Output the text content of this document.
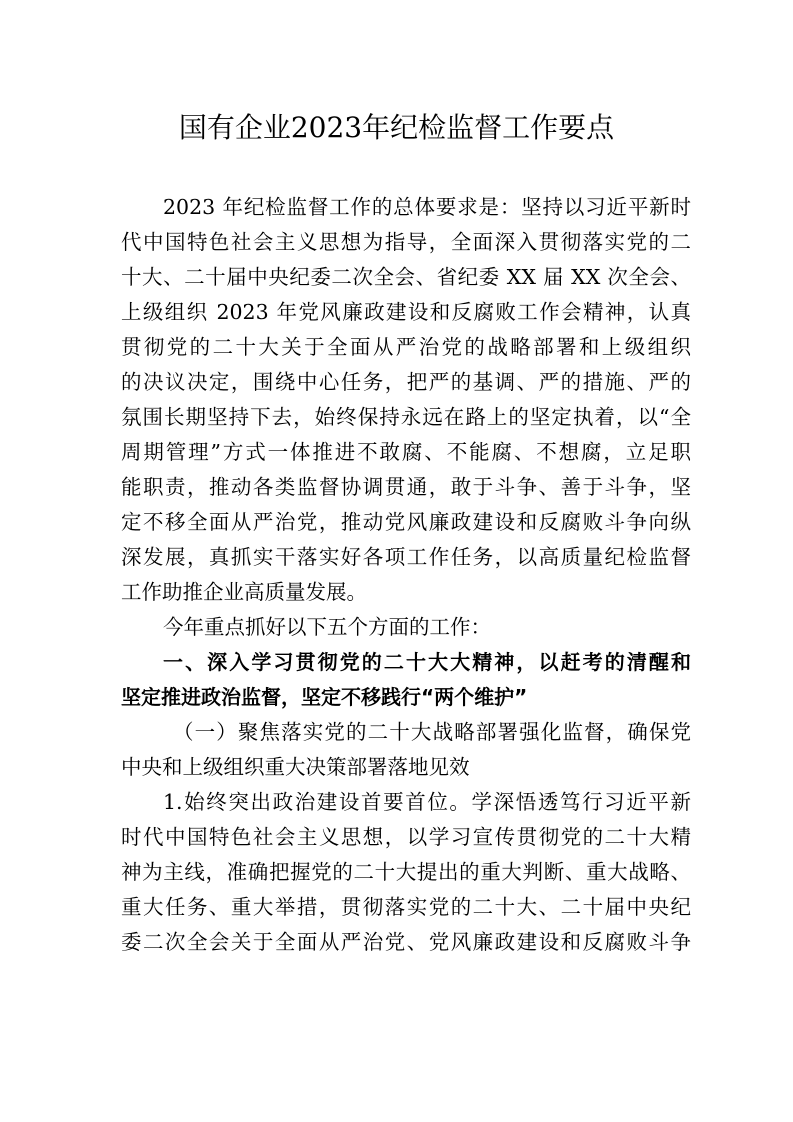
国有企业2023年纪检监督工作要点
2023 年纪检监督工作的总体要求是：坚持以习近平新时
代中国特色社会主义思想为指导，全面深入贯彻落实党的二
十大、二十届中央纪委二次全会、省纪委 XX 届 XX 次全会、
上级组织 2023 年党风廉政建设和反腐败工作会精神，认真
贯彻党的二十大关于全面从严治党的战略部署和上级组织
的决议决定，围绕中心任务，把严的基调、严的措施、严的
氛围长期坚持下去，始终保持永远在路上的坚定执着，以“全
周期管理”方式一体推进不敢腐、不能腐、不想腐，立足职
能职责，推动各类监督协调贯通，敢于斗争、善于斗争，坚
定不移全面从严治党，推动党风廉政建设和反腐败斗争向纵
深发展，真抓实干落实好各项工作任务，以高质量纪检监督
工作助推企业高质量发展。
今年重点抓好以下五个方面的工作：
一、深入学习贯彻党的二十大大精神，以赶考的清醒和
坚定推进政治监督，坚定不移践行“两个维护”
（一）聚焦落实党的二十大战略部署强化监督，确保党
中央和上级组织重大决策部署落地见效
1.始终突出政治建设首要首位。学深悟透笃行习近平新
时代中国特色社会主义思想，以学习宣传贯彻党的二十大精
神为主线，准确把握党的二十大提出的重大判断、重大战略、
重大任务、重大举措，贯彻落实党的二十大、二十届中央纪
委二次全会关于全面从严治党、党风廉政建设和反腐败斗争
